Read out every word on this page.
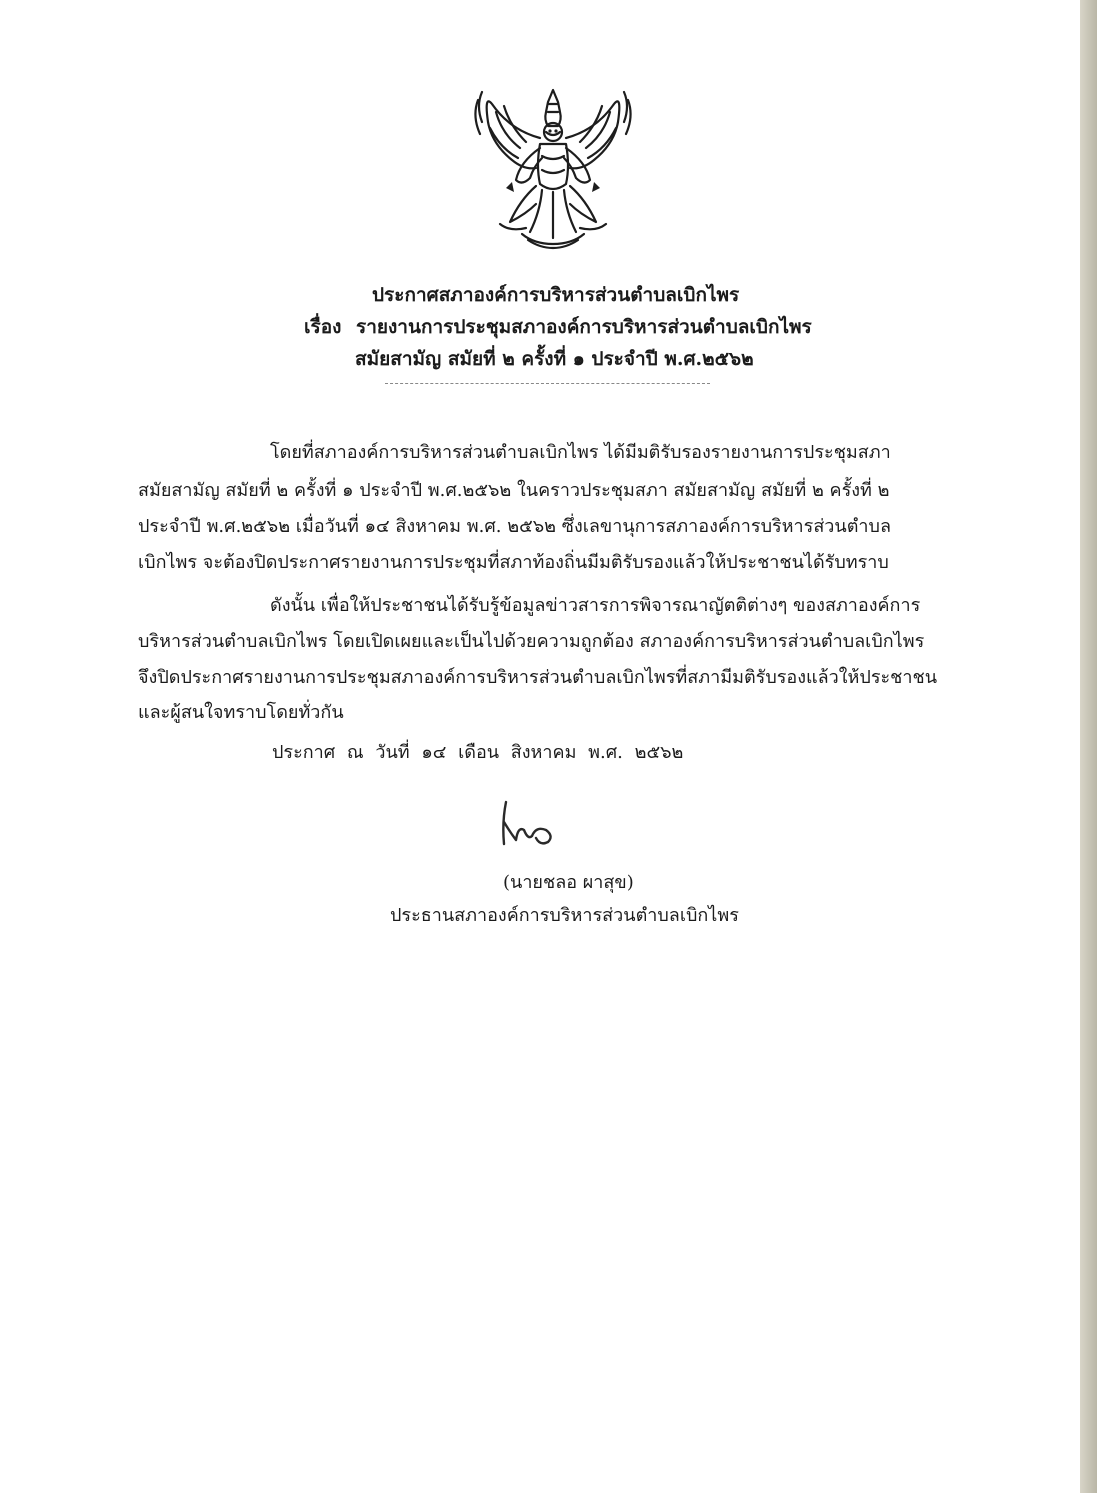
ประกาศสภาองค์การบริหารส่วนตำบลเบิกไพร

เรื่อง รายงานการประชุมสภาองค์การบริหารส่วนตำบลเบิกไพร

สมัยสามัญ สมัยที่ ๒ ครั้งที่ ๑ ประจำปี พ.ศ.๒๕๖๒

โดยที่สภาองค์การบริหารส่วนตำบลเบิกไพร ได้มีมติรับรองรายงานการประชุมสภา

สมัยสามัญ สมัยที่ ๒ ครั้งที่ ๑ ประจำปี พ.ศ.๒๕๖๒ ในคราวประชุมสภา สมัยสามัญ สมัยที่ ๒ ครั้งที่ ๒

ประจำปี พ.ศ.๒๕๖๒ เมื่อวันที่ ๑๔ สิงหาคม พ.ศ. ๒๕๖๒ ซึ่งเลขานุการสภาองค์การบริหารส่วนตำบล

เบิกไพร จะต้องปิดประกาศรายงานการประชุมที่สภาท้องถิ่นมีมติรับรองแล้วให้ประชาชนได้รับทราบ

ดังนั้น เพื่อให้ประชาชนได้รับรู้ข้อมูลข่าวสารการพิจารณาญัตติต่างๆ ของสภาองค์การ

บริหารส่วนตำบลเบิกไพร โดยเปิดเผยและเป็นไปด้วยความถูกต้อง สภาองค์การบริหารส่วนตำบลเบิกไพร

จึงปิดประกาศรายงานการประชุมสภาองค์การบริหารส่วนตำบลเบิกไพรที่สภามีมติรับรองแล้วให้ประชาชน

และผู้สนใจทราบโดยทั่วกัน

ประกาศ ณ วันที่ ๑๔ เดือน สิงหาคม พ.ศ. ๒๕๖๒

(นายชลอ ผาสุข)

ประธานสภาองค์การบริหารส่วนตำบลเบิกไพร
